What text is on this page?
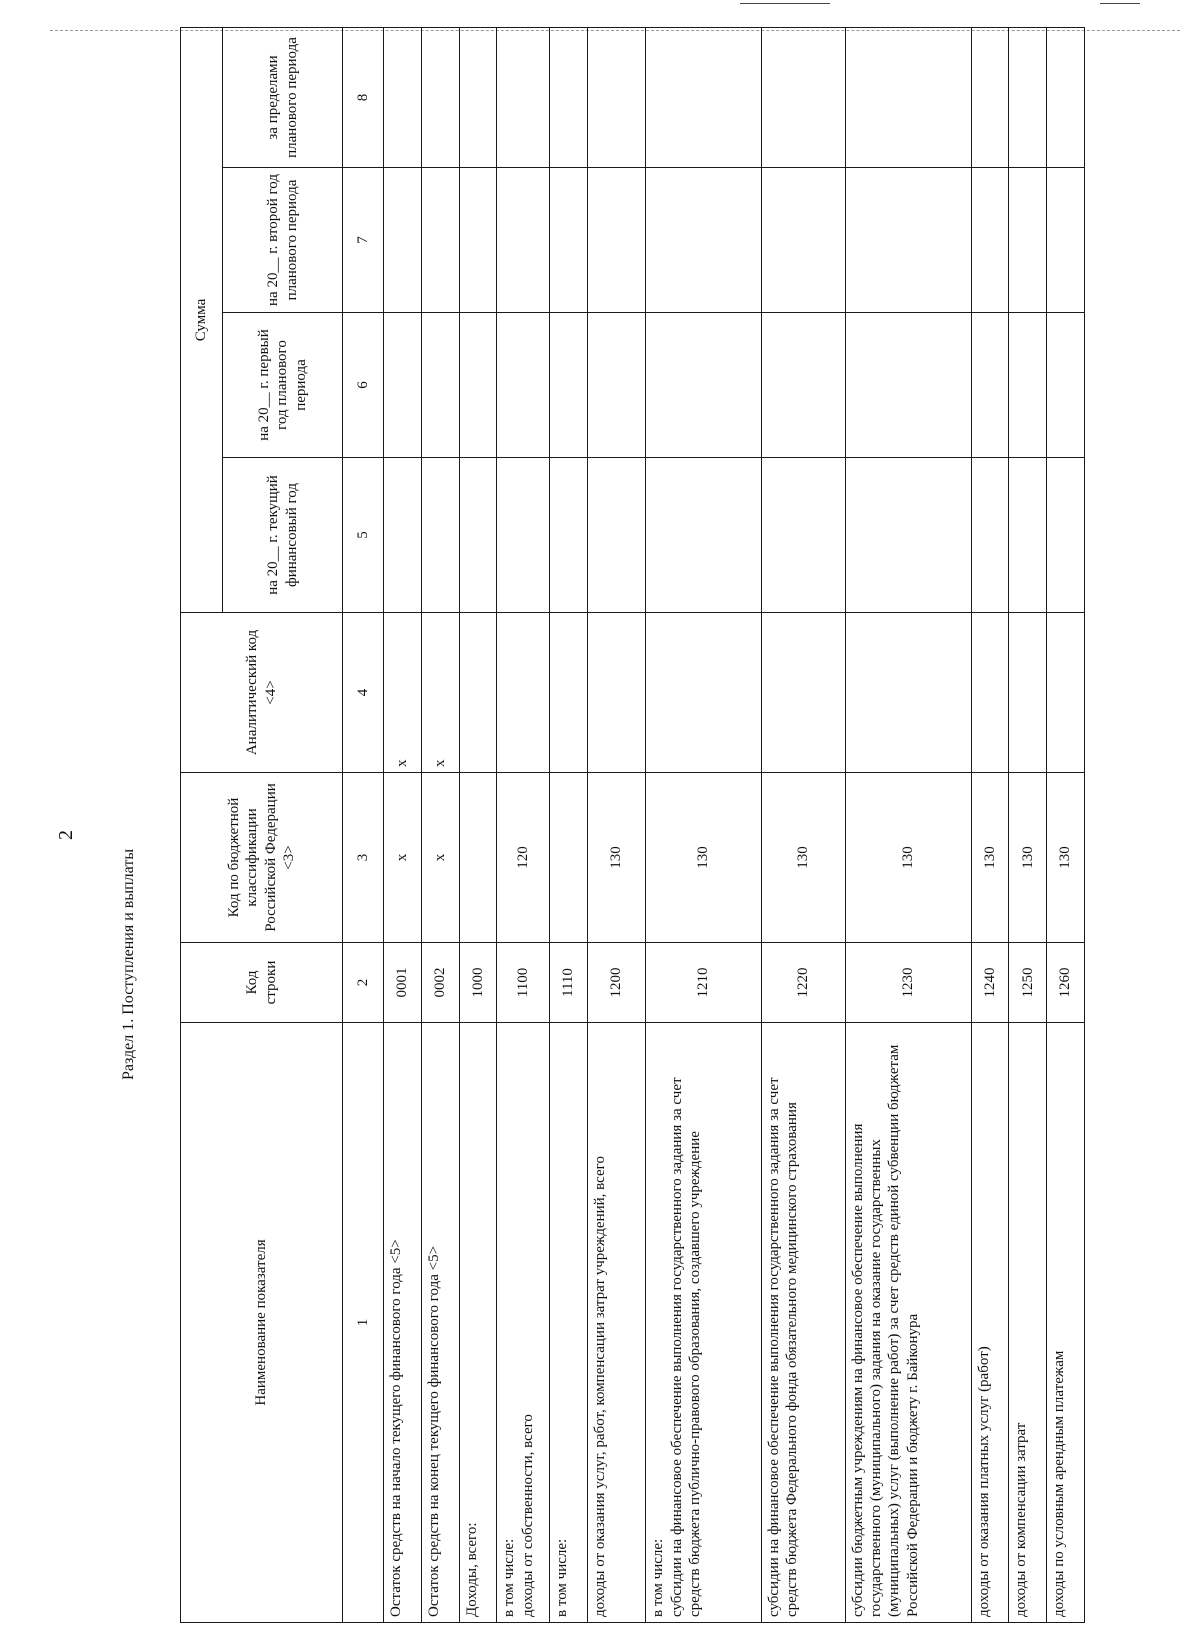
2
Раздел 1. Поступления и выплаты
Наименование показателя	Код строки	Код по бюджетной классификации Российской Федерации <3>	Аналитический код <4>	Сумма			
				на 20__ г. текущий финансовый год	на 20__ г. первый год планового периода	на 20__ г. второй год планового периода	за пределами планового периода
1	2	3	4	5	6	7	8
Остаток средств на начало текущего финансового года <5>	0001	x	x				
Остаток средств на конец текущего финансового года <5>	0002	x	x				
Доходы, всего:	1000						

в том числе: доходы от собственности, всего	1100	120					
в том числе:	1110						
доходы от оказания услуг, работ, компенсации затрат учреждений, всего	1200	130					

в том числе: субсидии на финансовое обеспечение выполнения государственного задания за счет средств бюджета публично-правового образования, создавшего учреждение	1210	130					
субсидии на финансовое обеспечение выполнения государственного задания за счет средств бюджета Федерального фонда обязательного медицинского страхования	1220	130					
субсидии бюджетным учреждениям на финансовое обеспечение выполнения государственного (муниципального) задания на оказание государственных (муниципальных) услуг (выполнение работ) за счет средств единой субвенции бюджетам Российской Федерации и бюджету г. Байконура	1230	130					
доходы от оказания платных услуг (работ)	1240	130					
доходы от компенсации затрат	1250	130					
доходы по условным арендным платежам	1260	130					
